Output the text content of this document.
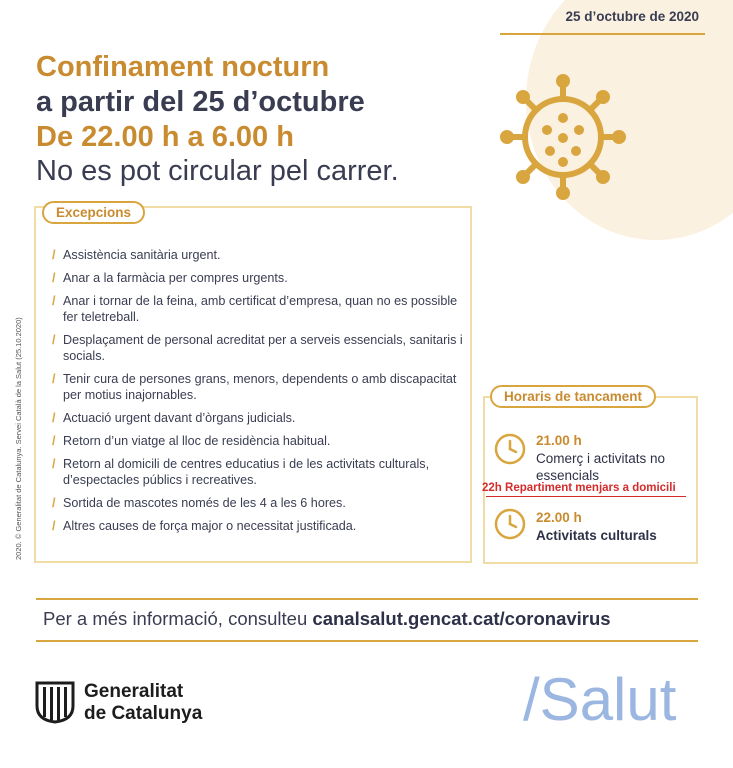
25 d’octubre de 2020
Confinament nocturn
a partir del 25 d’octubre
De 22.00 h a 6.00 h
No es pot circular pel carrer.
2020. © Generalitat de Catalunya. Servei Català de la Salut (25.10.2020)
Excepcions
/ Assistència sanitària urgent.
/ Anar a la farmàcia per compres urgents.
/ Anar i tornar de la feina, amb certificat d’empresa, quan no es possible fer teletreball.
/ Desplaçament de personal acreditat per a serveis essencials, sanitaris i socials.
/ Tenir cura de persones grans, menors, dependents o amb discapacitat per motius inajornables.
/ Actuació urgent davant d’òrgans judicials.
/ Retorn d’un viatge al lloc de residència habitual.
/ Retorn al domicili de centres educatius i de les activitats culturals, d’espectacles públics i recreatives.
/ Sortida de mascotes només de les 4 a les 6 hores.
/ Altres causes de força major o necessitat justificada.
Horaris de tancament
21.00 h
Comerç i activitats no essencials
22h Repartiment menjars a domicili
22.00 h
Activitats culturals
Per a més informació, consulteu canalsalut.gencat.cat/coronavirus
Generalitat
de Catalunya	/Salut
